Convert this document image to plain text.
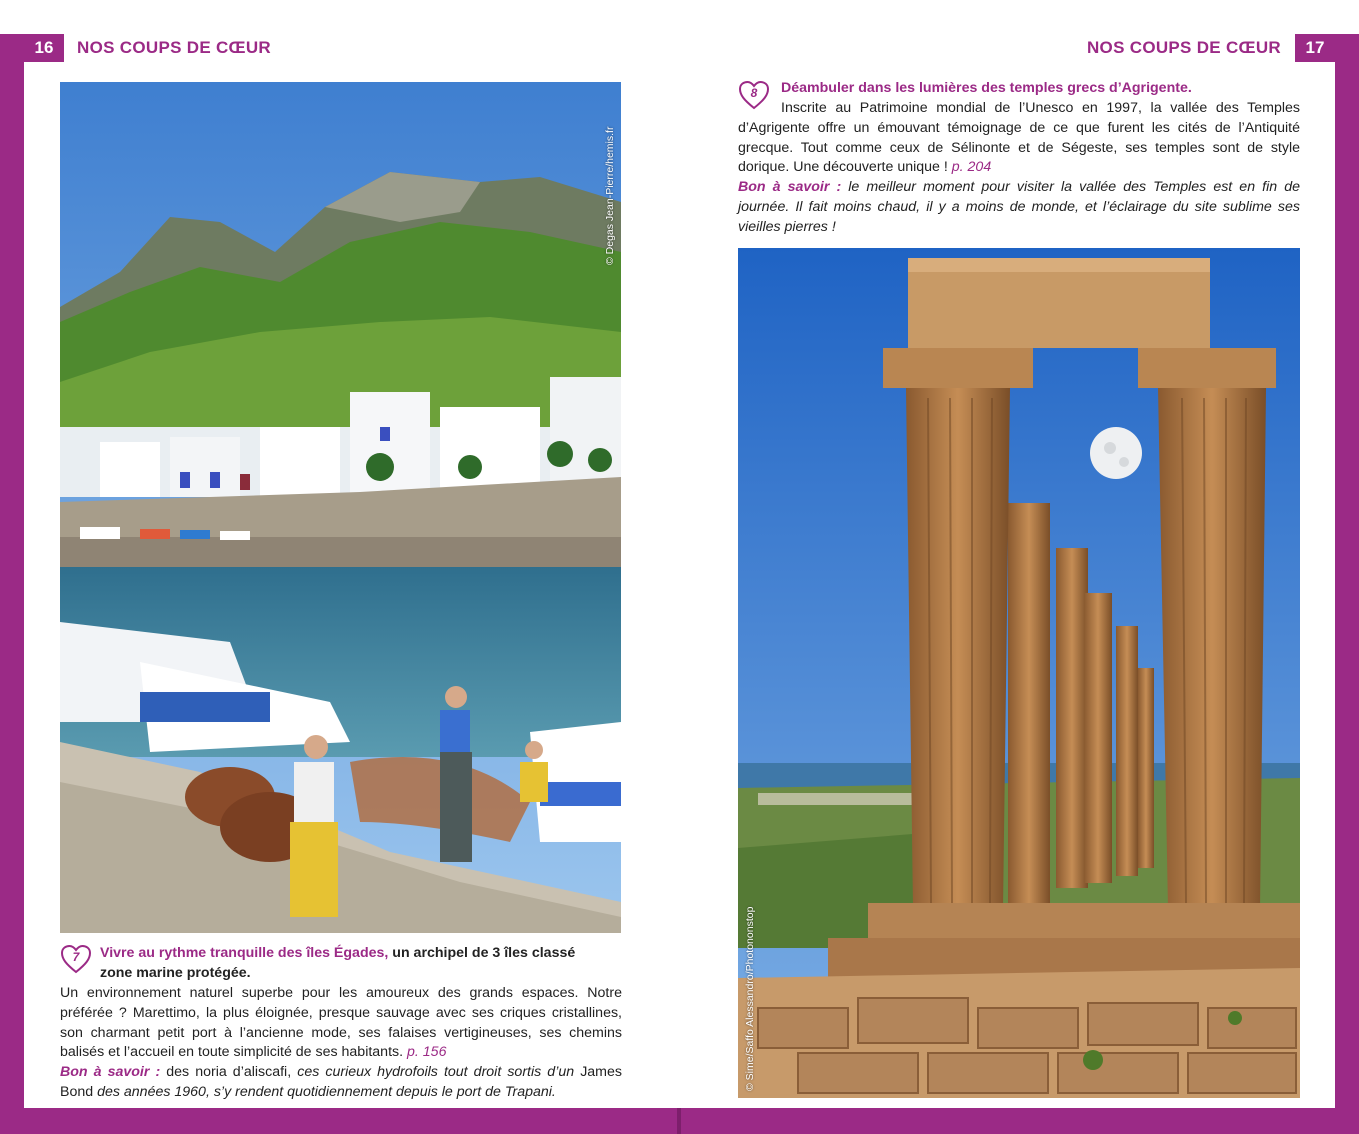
16	NOS COUPS DE CŒUR	NOS COUPS DE CŒUR	17
© Degas Jean-Pierre/hemis.fr
7	Vivre au rythme tranquille des îles Égades, un archipel de 3 îles classé
zone marine protégée.
Un environnement naturel superbe pour les amoureux des grands espaces. Notre préférée ? Marettimo, la plus éloignée, presque sauvage avec ses criques cristallines, son charmant petit port à l’ancienne mode, ses falaises vertigineuses, ses chemins balisés et l’accueil en toute simplicité de ses habitants. p. 156
Bon à savoir : des noria d’aliscafi, ces curieux hydrofoils tout droit sortis d’un James Bond des années 1960, s’y rendent quotidiennement depuis le port de Trapani.
8	Déambuler dans les lumières des temples grecs d’Agrigente.
Inscrite au Patrimoine mondial de l’Unesco en 1997, la vallée des Temples d’Agrigente offre un émouvant témoignage de ce que furent les cités de l’Antiquité grecque. Tout comme ceux de Sélinonte et de Ségeste, ses temples sont de style dorique. Une découverte unique ! p. 204
Bon à savoir : le meilleur moment pour visiter la vallée des Temples est en fin de journée. Il fait moins chaud, il y a moins de monde, et l’éclairage du site sublime ses vieilles pierres !
© Sime/Saffo Alessandro/Photononstop
